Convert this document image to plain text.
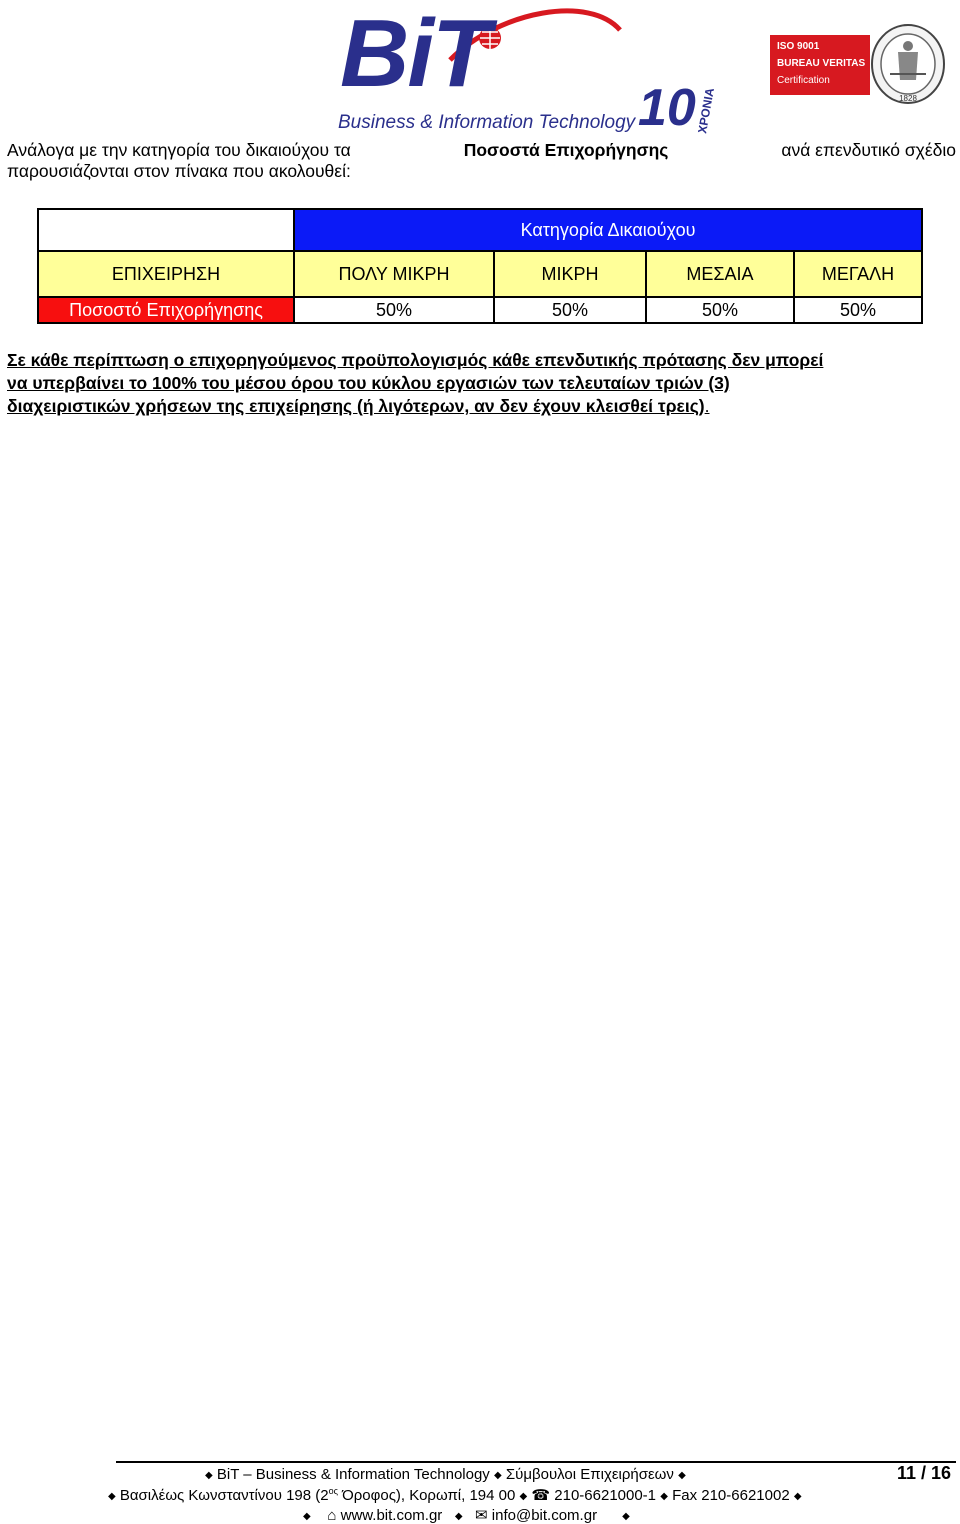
BiT
Business & Information Technology 10 ΧΡΟΝΙΑ
ISO 9001
BUREAU VERITAS
Certification
1828
Ανάλογα με την κατηγορία του δικαιούχου τα	Ποσοστά Επιχορήγησης	ανά επενδυτικό σχέδιο
παρουσιάζονται στον πίνακα που ακολουθεί:
	Κατηγορία Δικαιούχου			
ΕΠΙΧΕΙΡΗΣΗ	ΠΟΛΥ ΜΙΚΡΗ	ΜΙΚΡΗ	ΜΕΣΑΙΑ	ΜΕΓΑΛΗ
Ποσοστό Επιχορήγησης	50%	50%	50%	50%
Σε κάθε περίπτωση ο επιχορηγούμενος προϋπολογισμός κάθε επενδυτικής πρότασης δεν μπορεί
να υπερβαίνει το 100% του μέσου όρου του κύκλου εργασιών των τελευταίων τριών (3)
διαχειριστικών χρήσεων της επιχείρησης (ή λιγότερων, αν δεν έχουν κλεισθεί τρεις) .
◆ BiT – Business & Information Technology ◆ Σύμβουλοι Επιχειρήσεων ◆
◆ Βασιλέως Κωνσταντίνου 198 ($2^{o\varsigma}$ Όροφος), Κορωπί, 194 00 ◆ ☎ 210-6621000-1 ◆ Fax 210-6621002 ◆
◆ ⌂ www.bit.com.gr ◆ ✉ info@bit.com.gr	◆
11 / 16
